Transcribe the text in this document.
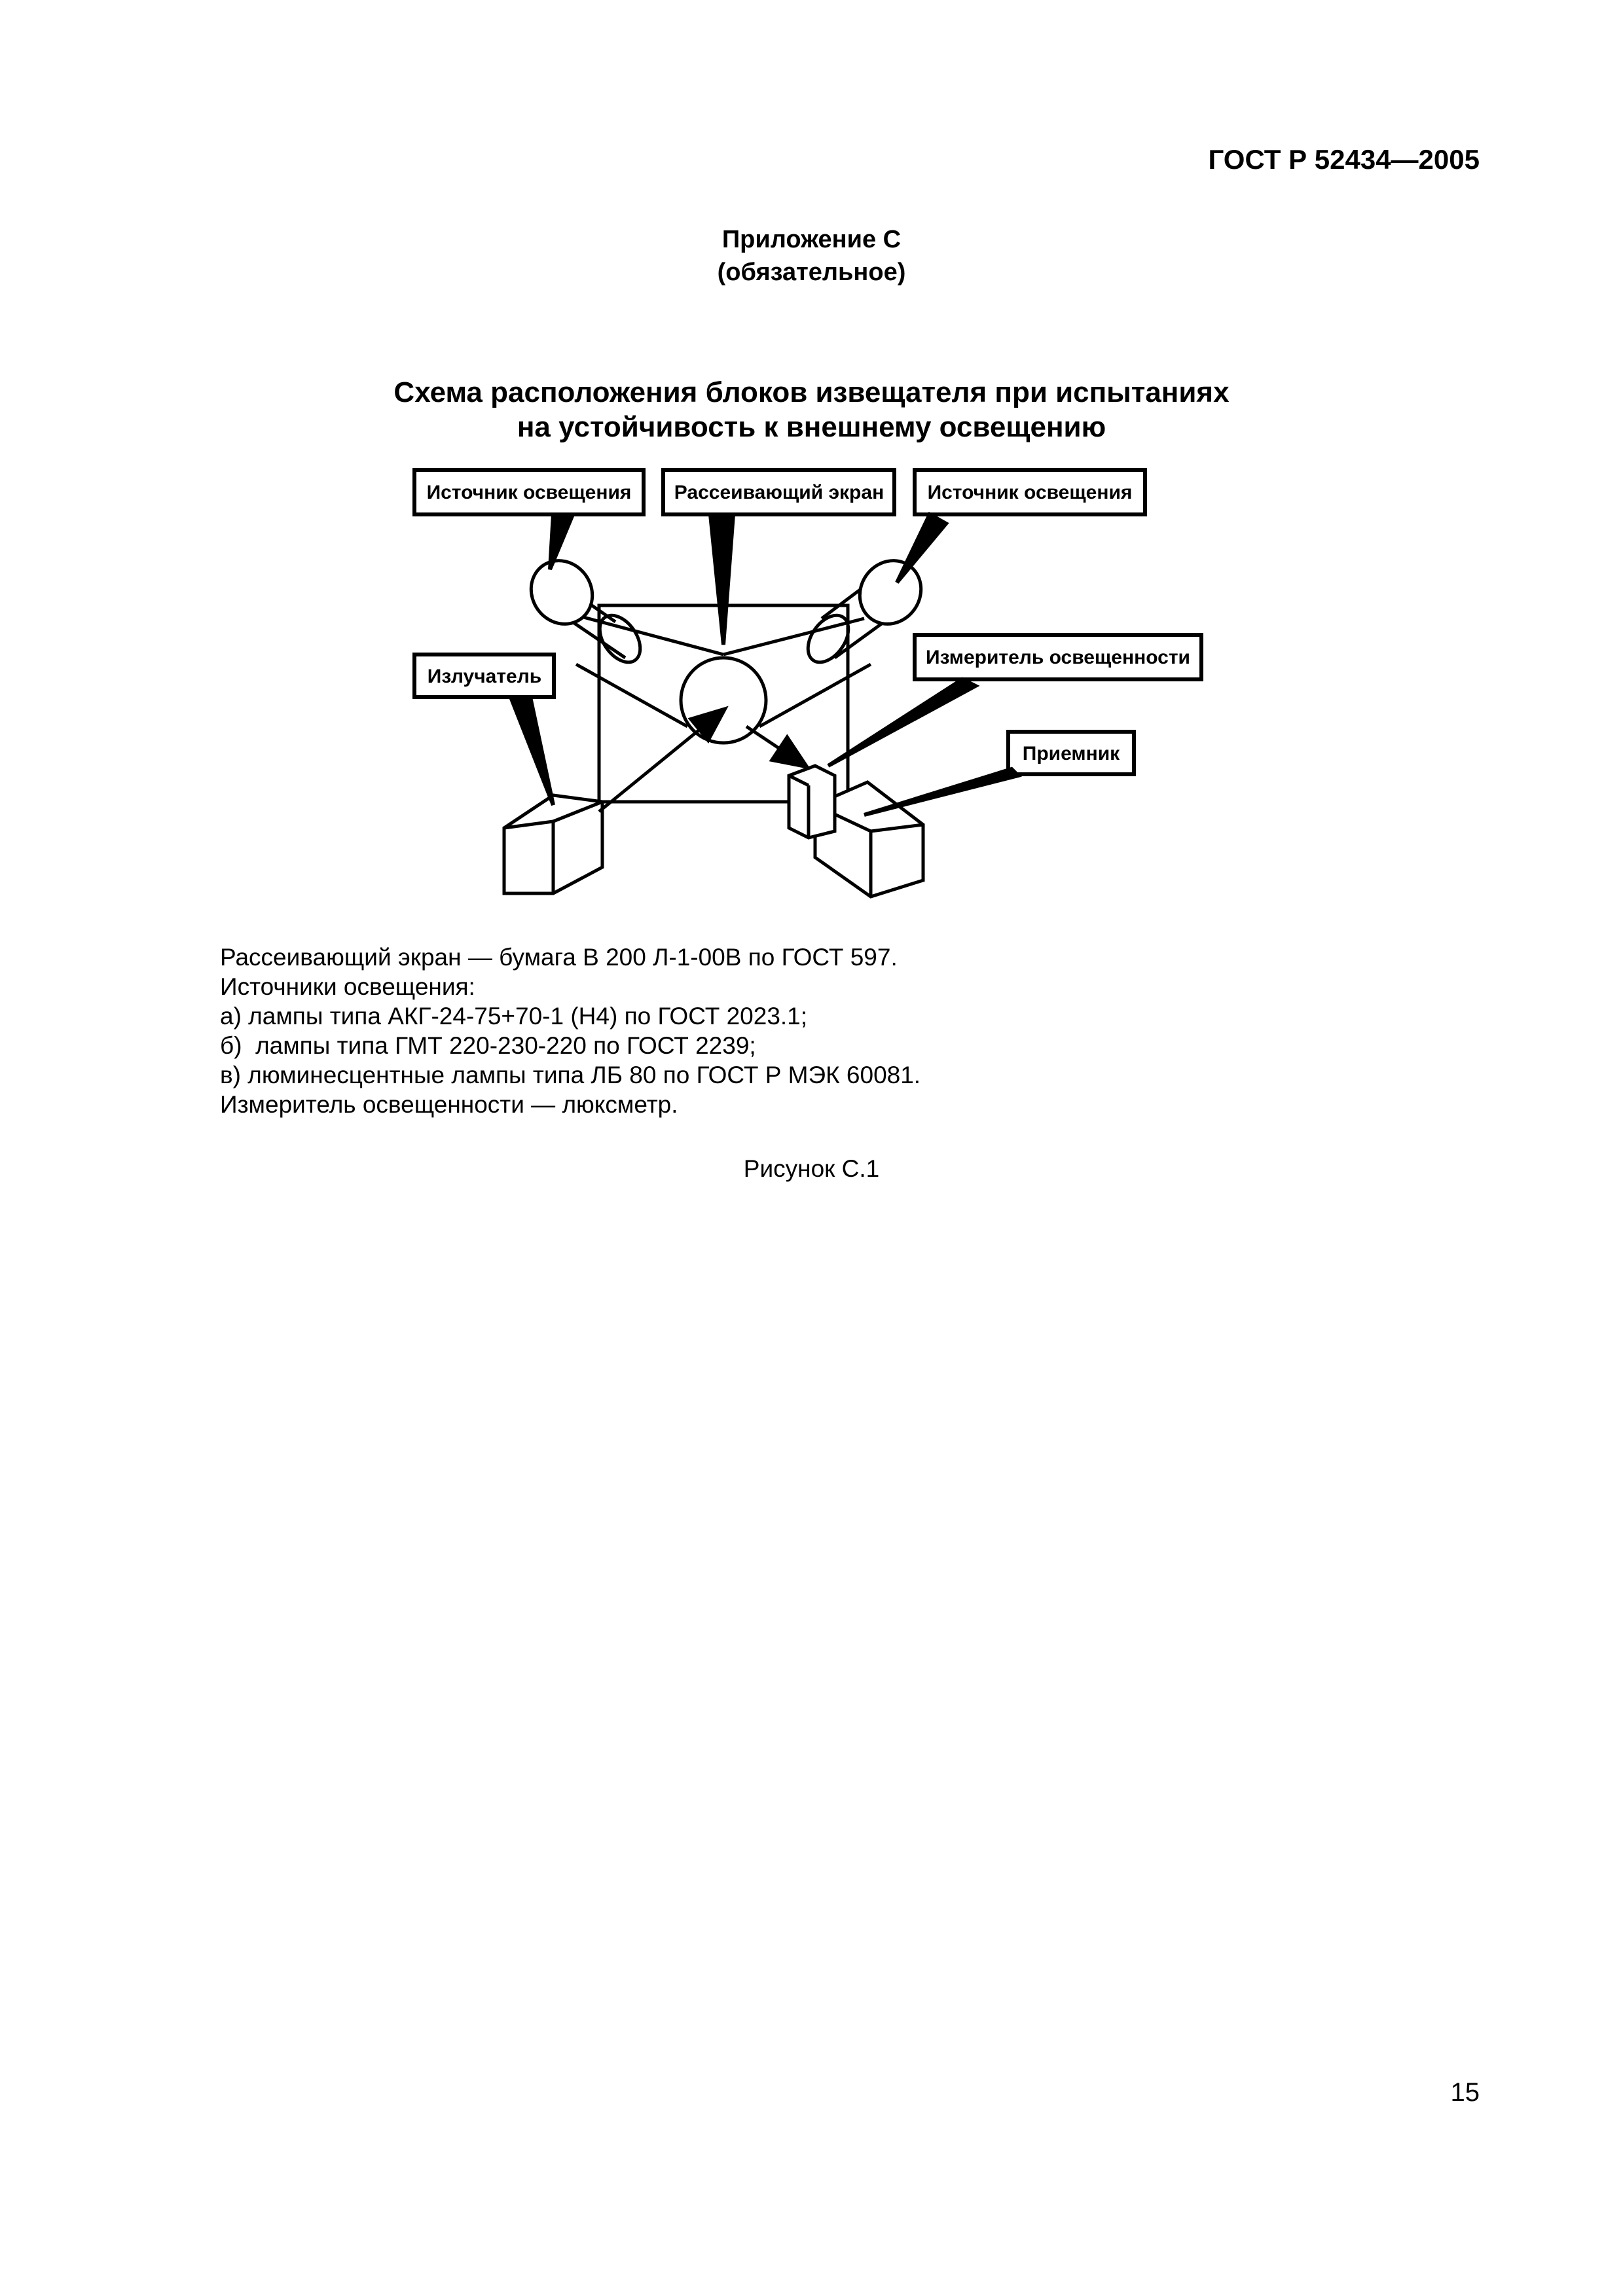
ГОСТ Р 52434—2005
Приложение С
(обязательное)
Схема расположения блоков извещателя при испытаниях
на устойчивость к внешнему освещению
Источник освещения Рассеивающий экран Источник освещения
Излучатель
Измеритель освещенности
Приемник
Рассеивающий экран — бумага В 200 Л-1-00В по ГОСТ 597.
Источники освещения:
а) лампы типа АКГ-24-75+70-1 (Н4) по ГОСТ 2023.1;
б)  лампы типа ГМТ 220-230-220 по ГОСТ 2239;
в) люминесцентные лампы типа ЛБ 80 по ГОСТ Р МЭК 60081.
Измеритель освещенности — люксметр.
Рисунок С.1
15
